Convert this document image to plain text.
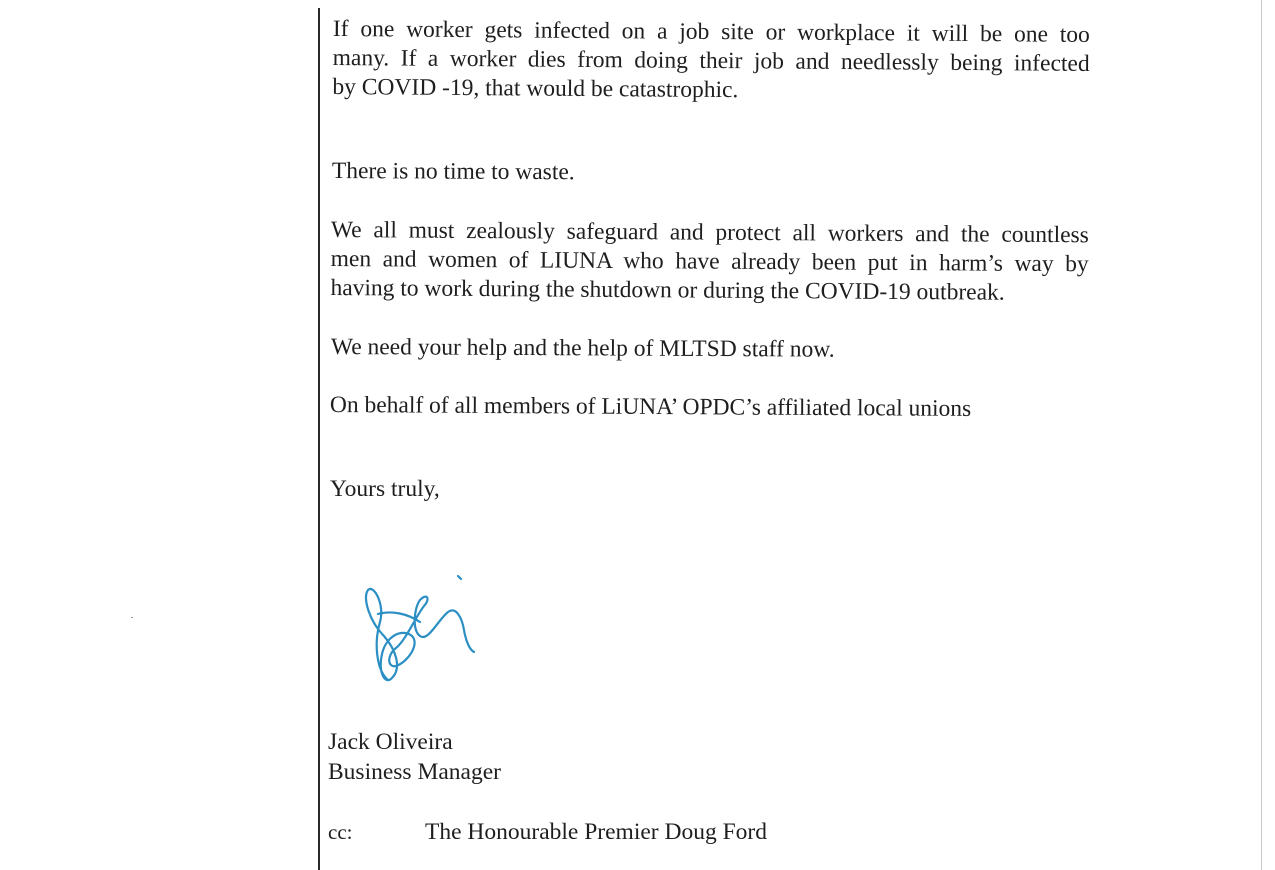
If one worker gets infected on a job site or workplace it will be one too
many. If a worker dies from doing their job and needlessly being infected
by COVID -19, that would be catastrophic.

There is no time to waste.

We all must zealously safeguard and protect all workers and the countless
men and women of LIUNA who have already been put in harm’s way by
having to work during the shutdown or during the COVID-19 outbreak.

We need your help and the help of MLTSD staff now.

On behalf of all members of LiUNA’ OPDC’s affiliated local unions

Yours truly,

Jack Oliveira

Business Manager

cc:	The Honourable Premier Doug Ford
